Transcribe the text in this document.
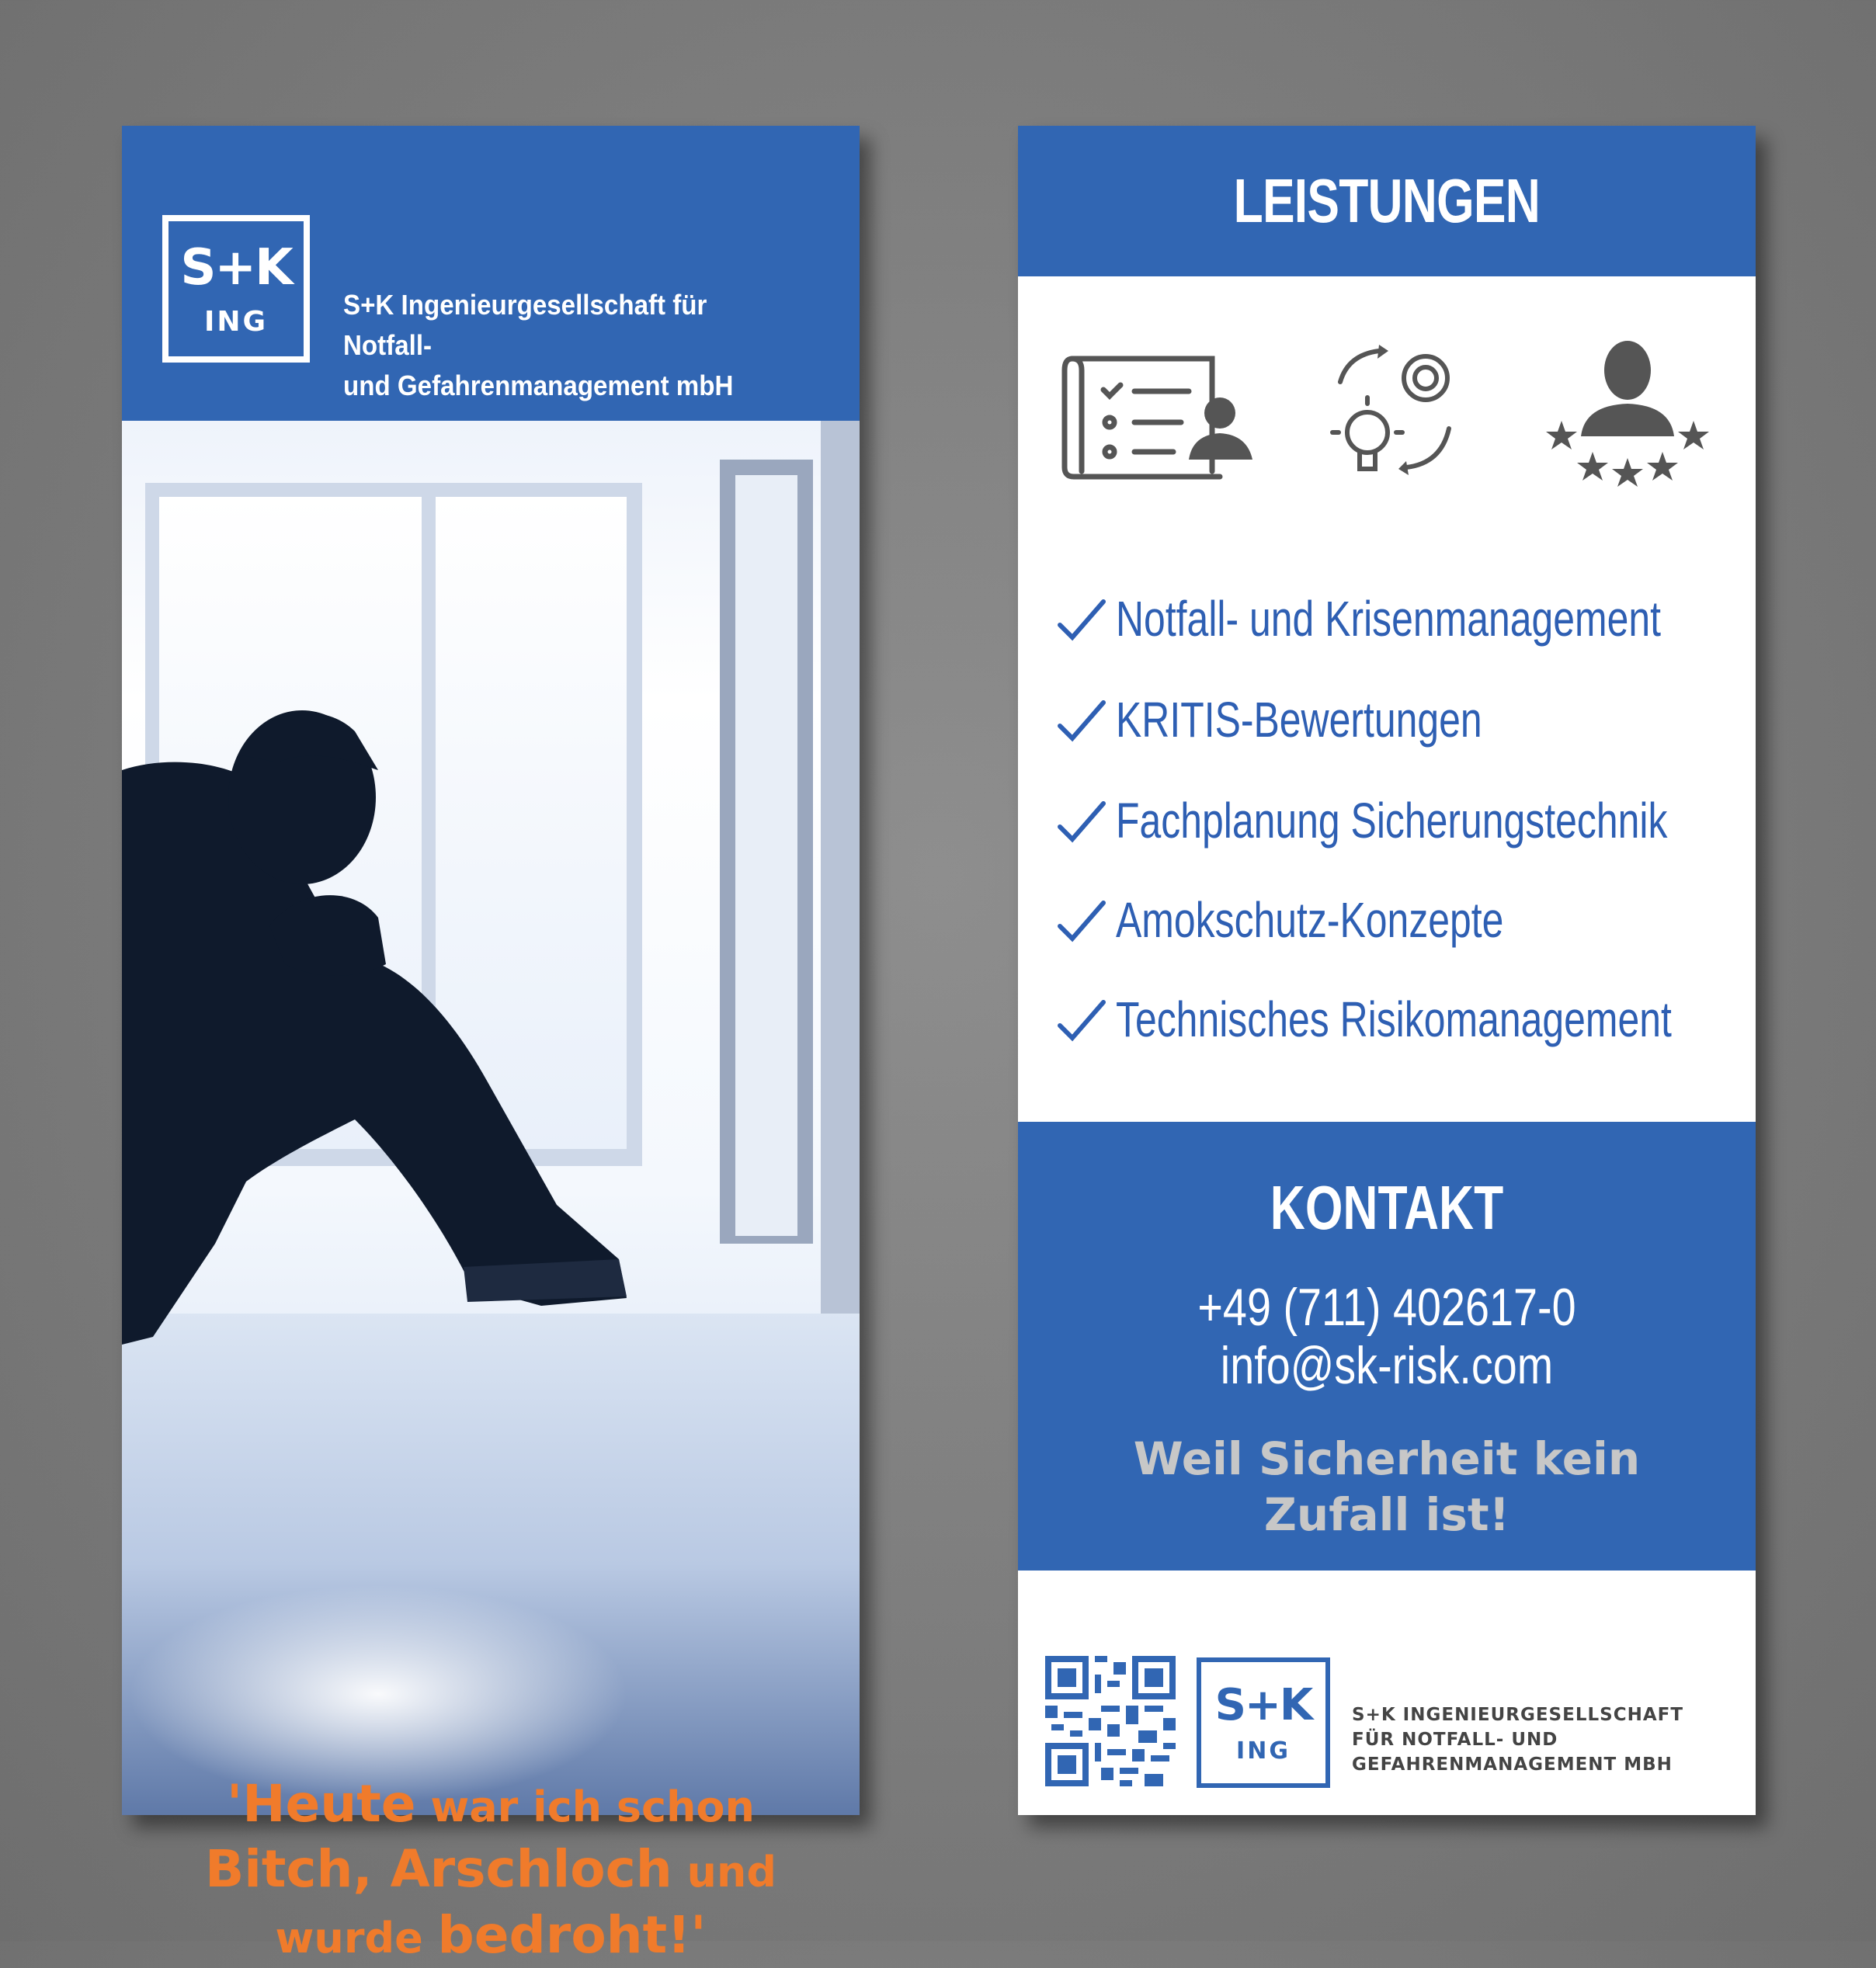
S+K
ING
S+K Ingenieurgesellschaft für Notfall-
und Gefahrenmanagement mbH
'Heute war ich schon
Bitch, Arschloch und
wurde bedroht!'
LEISTUNGEN
Notfall- und Krisenmanagement
KRITIS-Bewertungen
Fachplanung Sicherungstechnik
Amokschutz-Konzepte
Technisches Risikomanagement
KONTAKT
+49 (711) 402617-0
info@sk-risk.com
Weil Sicherheit kein
Zufall ist!
S+K
ING
S+K INGENIEURGESELLSCHAFT
FÜR NOTFALL- UND
GEFAHRENMANAGEMENT MBH
